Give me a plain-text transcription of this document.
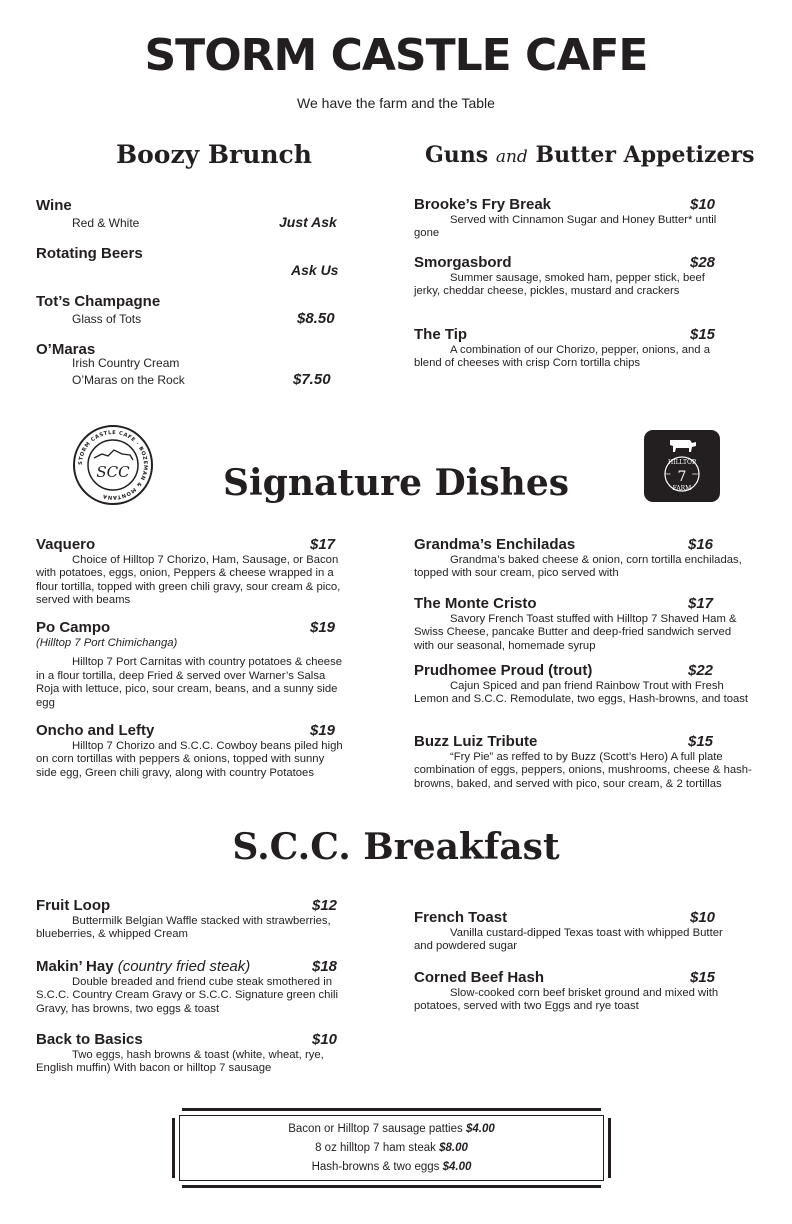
STORM CASTLE CAFE
We have the farm and the Table
Boozy Brunch	Guns and Butter Appetizers
Wine
Red & White	Just Ask
Rotating Beers
Ask Us
Tot’s Champagne
Glass of Tots	$8.50
O’Maras
Irish Country Cream
O’Maras on the Rock	$7.50
Brooke’s Fry Break	$10
Served with Cinnamon Sugar and Honey Butter* until gone
Smorgasbord	$28
Summer sausage, smoked ham, pepper stick, beef jerky, cheddar cheese, pickles, mustard and crackers
The Tip	$15
A combination of our Chorizo, pepper, onions, and a blend of cheeses with crisp Corn tortilla chips
SCC
STORM CASTLE CAFE · BOZEMAN & MONTANA
HILLTOP
7
EST.	2015
FARM
Signature Dishes
Vaquero	$17
Choice of Hilltop 7 Chorizo, Ham, Sausage, or Bacon with potatoes, eggs, onion, Peppers & cheese wrapped in a flour tortilla, topped with green chili gravy, sour cream & pico, served with beams
Po Campo	$19
(Hilltop 7 Port Chimichanga)
Hilltop 7 Port Carnitas with country potatoes & cheese in a flour tortilla, deep Fried & served over Warner’s Salsa Roja with lettuce, pico, sour cream, beans, and a sunny side egg
Oncho and Lefty	$19
Hilltop 7 Chorizo and S.C.C. Cowboy beans piled high on corn tortillas with peppers & onions, topped with sunny side egg, Green chili gravy, along with country Potatoes
Grandma’s Enchiladas	$16
Grandma’s baked cheese & onion, corn tortilla enchiladas, topped with sour cream, pico served with
The Monte Cristo	$17
Savory French Toast stuffed with Hilltop 7 Shaved Ham & Swiss Cheese, pancake Butter and deep-fried sandwich served with our seasonal, homemade syrup
Prudhomee Proud (trout)	$22
Cajun Spiced and pan friend Rainbow Trout with Fresh Lemon and S.C.C. Remodulate, two eggs, Hash-browns, and toast
Buzz Luiz Tribute	$15
“Fry Pie” as reffed to by Buzz (Scott’s Hero) A full plate combination of eggs, peppers, onions, mushrooms, cheese & hash-browns, baked, and served with pico, sour cream, & 2 tortillas
S.C.C. Breakfast
Fruit Loop	$12
Buttermilk Belgian Waffle stacked with strawberries, blueberries, & whipped Cream
Makin’ Hay (country fried steak)	$18
Double breaded and friend cube steak smothered in S.C.C. Country Cream Gravy or S.C.C. Signature green chili Gravy, has browns, two eggs & toast
Back to Basics	$10
Two eggs, hash browns & toast (white, wheat, rye, English muffin) With bacon or hilltop 7 sausage
French Toast	$10
Vanilla custard-dipped Texas toast with whipped Butter and powdered sugar
Corned Beef Hash	$15
Slow-cooked corn beef brisket ground and mixed with potatoes, served with two Eggs and rye toast
Bacon or Hilltop 7 sausage patties $4.00
8 oz hilltop 7 ham steak $8.00
Hash-browns & two eggs $4.00
